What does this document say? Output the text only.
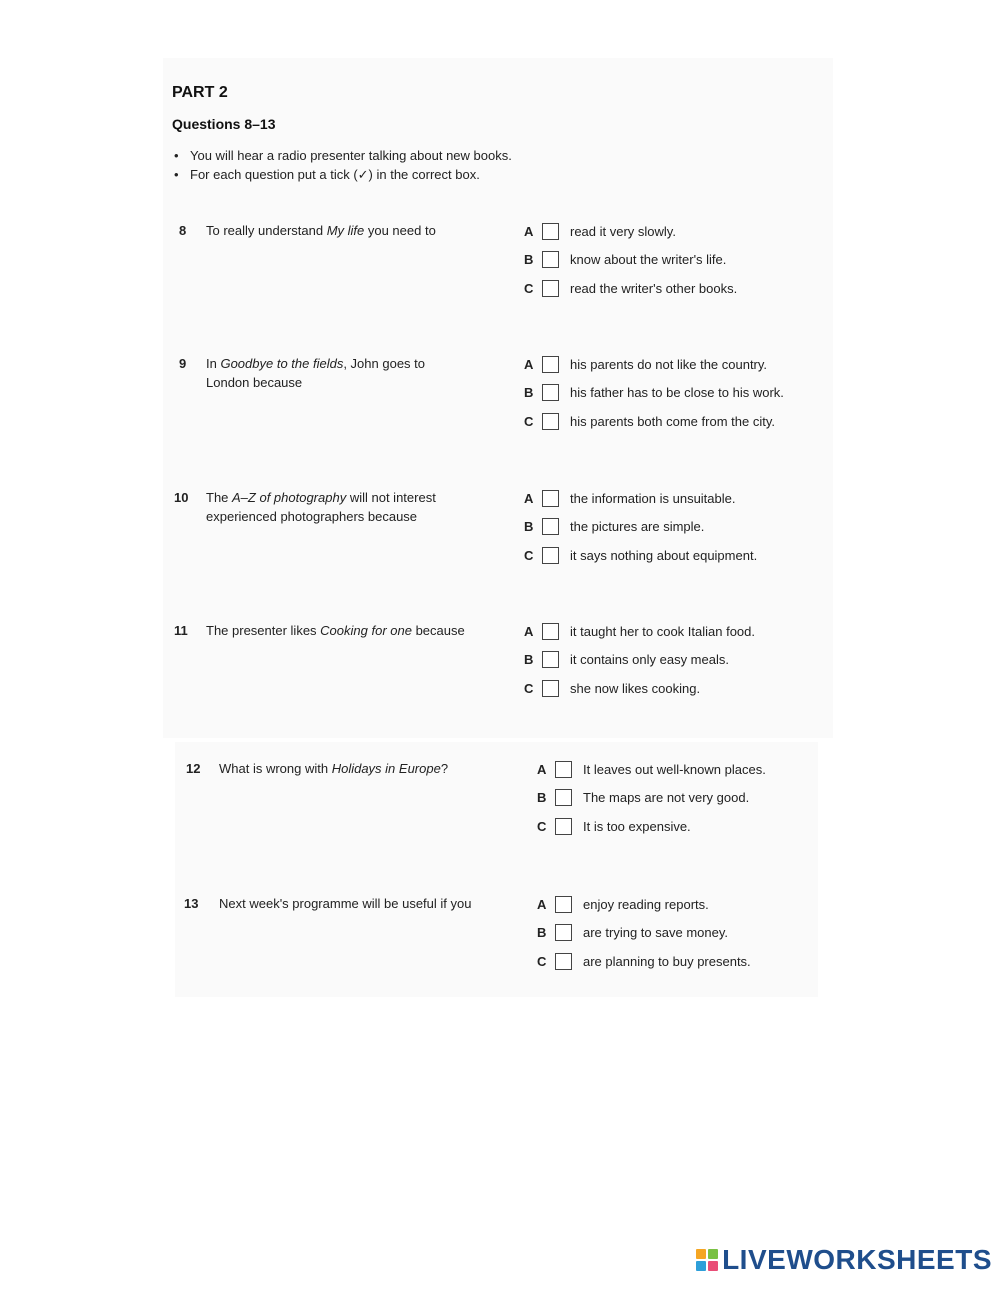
PART 2
Questions 8–13
• You will hear a radio presenter talking about new books.
• For each question put a tick (✓) in the correct box.
8 To really understand My life you need to	A	read it very slowly.
B	know about the writer's life.
C	read the writer's other books.
9 In Goodbye to the fields, John goes to London because
A	his parents do not like the country.
B	his father has to be close to his work.
C	his parents both come from the city.
10 The A–Z of photography will not interest experienced photographers because
A	the information is unsuitable.
B	the pictures are simple.
C	it says nothing about equipment.
11 The presenter likes Cooking for one because	A	it taught her to cook Italian food.
B	it contains only easy meals.
C	she now likes cooking.
12 What is wrong with Holidays in Europe?	A	It leaves out well-known places.
B	The maps are not very good.
C	It is too expensive.
13 Next week's programme will be useful if you	A	enjoy reading reports.
B	are trying to save money.
C	are planning to buy presents.
LIVEWORKSHEETS
